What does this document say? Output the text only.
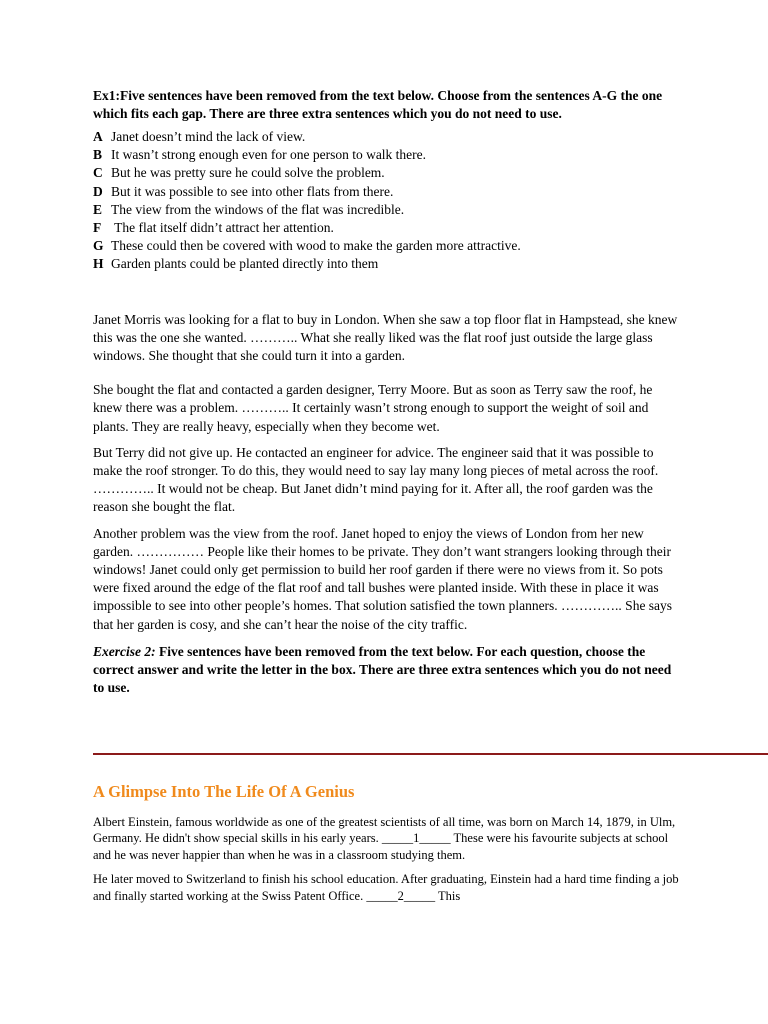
Ex1:Five sentences have been removed from the text below. Choose from the sentences A-G the one which fits each gap. There are three extra sentences which you do not need to use.

A Janet doesn’t mind the lack of view.
B It wasn’t strong enough even for one person to walk there.
C But he was pretty sure he could solve the problem.
D But it was possible to see into other flats from there.
E The view from the windows of the flat was incredible.
F The flat itself didn’t attract her attention.
G These could then be covered with wood to make the garden more attractive.
H Garden plants could be planted directly into them

Janet Morris was looking for a flat to buy in London. When she saw a top floor flat in Hampstead, she knew this was the one she wanted. ……….. What she really liked was the flat roof just outside the large glass windows. She thought that she could turn it into a garden.

She bought the flat and contacted a garden designer, Terry Moore. But as soon as Terry saw the roof, he knew there was a problem. ……….. It certainly wasn’t strong enough to support the weight of soil and plants. They are really heavy, especially when they become wet.

But Terry did not give up. He contacted an engineer for advice. The engineer said that it was possible to make the roof stronger. To do this, they would need to say lay many long pieces of metal across the roof. ………….. It would not be cheap. But Janet didn’t mind paying for it. After all, the roof garden was the reason she bought the flat.

Another problem was the view from the roof. Janet hoped to enjoy the views of London from her new garden. …………… People like their homes to be private. They don’t want strangers looking through their windows! Janet could only get permission to build her roof garden if there were no views from it. So pots were fixed around the edge of the flat roof and tall bushes were planted inside. With these in place it was impossible to see into other people’s homes. That solution satisfied the town planners. ………….. She says that her garden is cosy, and she can’t hear the noise of the city traffic.

Exercise 2: Five sentences have been removed from the text below. For each question, choose the correct answer and write the letter in the box. There are three extra sentences which you do not need to use.

A Glimpse Into The Life Of A Genius

Albert Einstein, famous worldwide as one of the greatest scientists of all time, was born on March 14, 1879, in Ulm, Germany. He didn't show special skills in his early years. _____1_____ These were his favourite subjects at school and he was never happier than when he was in a classroom studying them.

He later moved to Switzerland to finish his school education. After graduating, Einstein had a hard time finding a job and finally started working at the Swiss Patent Office. _____2_____ This
